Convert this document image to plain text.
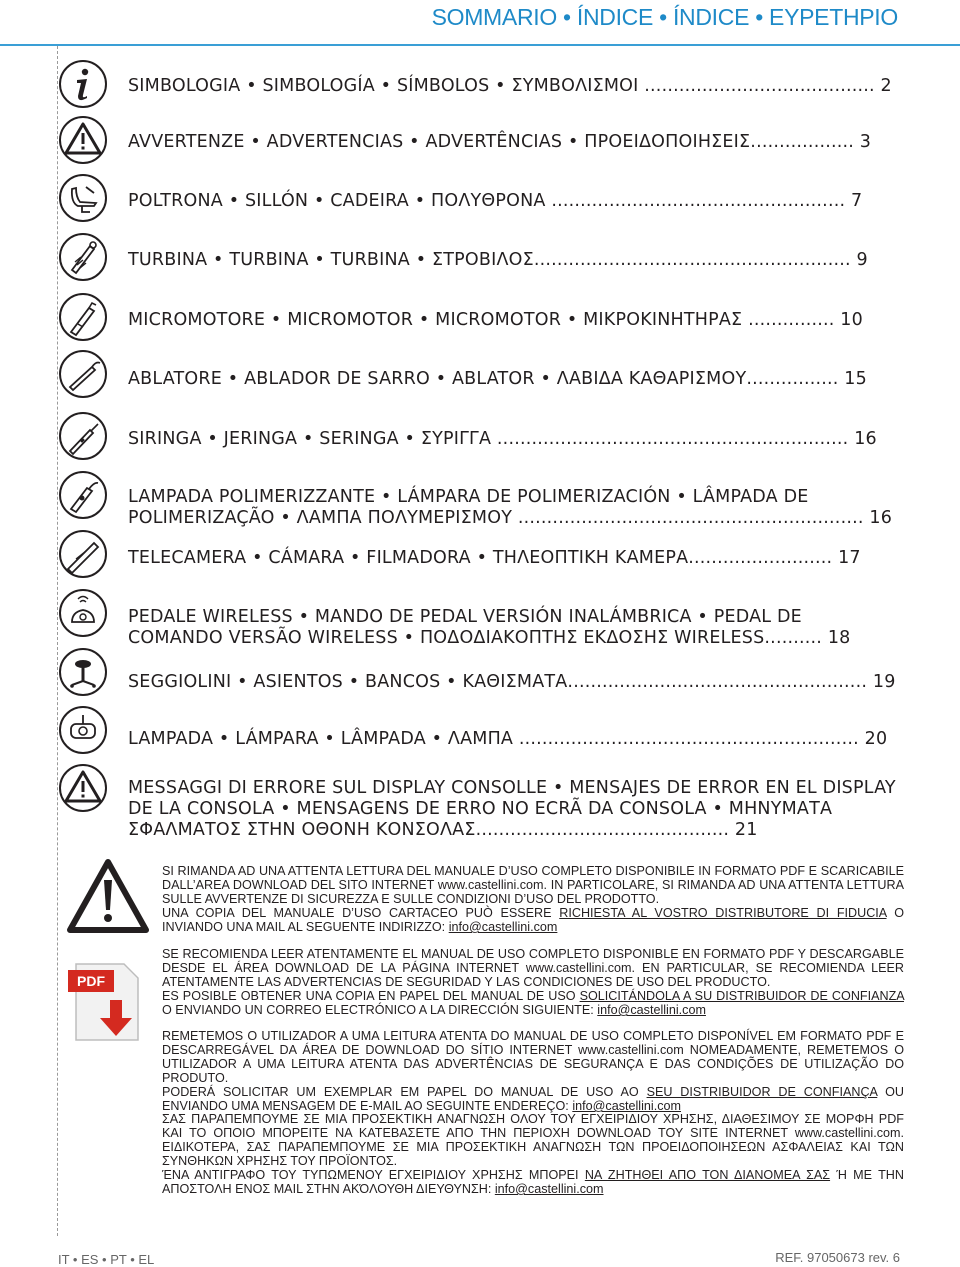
SOMMARIO • ÍNDICE • ÍNDICE • ΕΥΡΕΤΗΡΙΟ
SIMBOLOGIA • SIMBOLOGÍA • SÍMBOLOS • ΣΥΜΒΟΛΙΣΜΟΙ ........................................ 2
AVVERTENZE • ADVERTENCIAS • ADVERTÊNCIAS • ΠΡΟΕΙΔΟΠΟΙΗΣΕΙΣ.................. 3
POLTRONA • SILLÓN • CADEIRA • ΠΟΛΥΘΡΟΝΑ ................................................... 7
TURBINA • TURBINA • TURBINA • ΣΤΡΟΒΙΛΟΣ....................................................... 9
MICROMOTORE • MICROMOTOR • MICROMOTOR • ΜΙΚΡΟΚΙΝΗΤΗΡΑΣ ............... 10
ABLATORE • ABLADOR DE SARRO • ABLATOR • ΛΑΒΙΔΑ ΚΑΘΑΡΙΣΜΟΥ................ 15
SIRINGA • JERINGA • SERINGA • ΣΥΡΙΓΓΑ ............................................................. 16
LAMPADA POLIMERIZZANTE • LÁMPARA DE POLIMERIZACIÓN • LÂMPADA DE POLIMERIZAÇÃO • ΛΑΜΠΑ ΠΟΛΥΜΕΡΙΣΜΟΥ ............................................................ 16
TELECAMERA • CÁMARA • FILMADORA • ΤΗΛΕΟΠΤΙΚΗ ΚΑΜΕΡΑ......................... 17
PEDALE WIRELESS • MANDO DE PEDAL VERSIÓN INALÁMBRICA • PEDAL DE COMANDO VERSÃO WIRELESS • ΠΟΔΟΔΙΑΚΟΠΤΗΣ ΕΚΔΟΣΗΣ WIRELESS.......... 18
SEGGIOLINI • ASIENTOS • BANCOS • ΚΑΘΙΣΜΑΤΑ.................................................... 19
LAMPADA • LÁMPARA • LÂMPADA • ΛΑΜΠΑ ........................................................... 20
MESSAGGI DI ERRORE SUL DISPLAY CONSOLLE • MENSAJES DE ERROR EN EL DISPLAY DE LA CONSOLA • MENSAGENS DE ERRO NO ECRÃ DA CONSOLA • ΜΗΝΥΜΑΤΑ ΣΦΑΛΜΑΤΟΣ ΣΤΗΝ ΟΘΟΝΗ ΚΟΝΣΟΛΑΣ............................................ 21
PDF

SI RIMANDA AD UNA ATTENTA LETTURA DEL MANUALE D’USO COMPLETO DISPONIBILE IN FORMATO PDF E SCARICABILE DALL’AREA DOWNLOAD DEL SITO INTERNET www.castellini.com. IN PARTICOLARE, SI RIMANDA AD UNA ATTENTA LETTURA SULLE AVVERTENZE DI SICUREZZA E SULLE CONDIZIONI D’USO DEL PRODOTTO.

UNA COPIA DEL MANUALE D’USO CARTACEO PUÒ ESSERE RICHIESTA AL VOSTRO DISTRIBUTORE DI FIDUCIA O INVIANDO UNA MAIL AL SEGUENTE INDIRIZZO: info@castellini.com

SE RECOMIENDA LEER ATENTAMENTE EL MANUAL DE USO COMPLETO DISPONIBLE EN FORMATO PDF Y DESCARGABLE DESDE EL ÁREA DOWNLOAD DE LA PÁGINA INTERNET www.castellini.com. EN PARTICULAR, SE RECOMIENDA LEER ATENTAMENTE LAS ADVERTENCIAS DE SEGURIDAD Y LAS CONDICIONES DE USO DEL PRODUCTO.

ES POSIBLE OBTENER UNA COPIA EN PAPEL DEL MANUAL DE USO SOLICITÁNDOLA A SU DISTRIBUIDOR DE CONFIANZA O ENVIANDO UN CORREO ELECTRÓNICO A LA DIRECCIÓN SIGUIENTE: info@castellini.com

REMETEMOS O UTILIZADOR A UMA LEITURA ATENTA DO MANUAL DE USO COMPLETO DISPONÍVEL EM FORMATO PDF E DESCARREGÁVEL DA ÁREA DE DOWNLOAD DO SÍTIO INTERNET www.castellini.com NOMEADAMENTE, REMETEMOS O UTILIZADOR A UMA LEITURA ATENTA DAS ADVERTÊNCIAS DE SEGURANÇA E DAS CONDIÇÕES DE UTILIZAÇÃO DO PRODUTO.

PODERÁ SOLICITAR UM EXEMPLAR EM PAPEL DO MANUAL DE USO AO SEU DISTRIBUIDOR DE CONFIANÇA OU ENVIANDO UMA MENSAGEM DE E-MAIL AO SEGUINTE ENDEREÇO: info@castellini.com

ΣΑΣ ΠΑΡΑΠΕΜΠΟΥΜΕ ΣΕ ΜΙΑ ΠΡΟΣΕΚΤΙΚΗ ΑΝΑΓΝΩΣΗ ΟΛΟΥ ΤΟΥ ΕΓΧΕΙΡΙΔΙΟΥ ΧΡΗΣΗΣ, ΔΙΑΘΕΣΙΜΟΥ ΣΕ ΜΟΡΦΗ PDF ΚΑΙ ΤΟ ΟΠΟΙΟ ΜΠΟΡΕΙΤΕ ΝΑ ΚΑΤΕΒΑΣΕΤΕ ΑΠΟ ΤΗΝ ΠΕΡΙΟΧΗ DOWNLOAD ΤΟΥ SITE INTERNET www.castellini.com. ΕΙΔΙΚΟΤΕΡΑ, ΣΑΣ ΠΑΡΑΠΕΜΠΟΥΜΕ ΣΕ ΜΙΑ ΠΡΟΣΕΚΤΙΚΗ ΑΝΑΓΝΩΣΗ ΤΩΝ ΠΡΟΕΙΔΟΠΟΙΗΣΕΩΝ ΑΣΦΑΛΕΙΑΣ ΚΑΙ ΤΩΝ ΣΥΝΘΗΚΩΝ ΧΡΗΣΗΣ ΤΟΥ ΠΡΟΪΟΝΤΟΣ.

ΈΝΑ ΑΝΤΙΓΡΑΦΟ ΤΟΥ ΤΥΠΩΜΕΝΟΥ ΕΓΧΕΙΡΙΔΙΟΥ ΧΡΗΣΗΣ ΜΠΟΡΕΙ ΝΑ ΖΗΤΗΘΕΙ ΑΠΟ ΤΟΝ ΔΙΑΝΟΜΕΑ ΣΑΣ Ή ΜΕ ΤΗΝ ΑΠΟΣΤΟΛΗ ΕΝΟΣ MAIL ΣΤΗΝ ΑΚΌΛΟΥΘΗ ΔΙΕΥΘΥΝΣΗ: info@castellini.com

IT • ES • PT • EL	REF. 97050673 rev. 6
